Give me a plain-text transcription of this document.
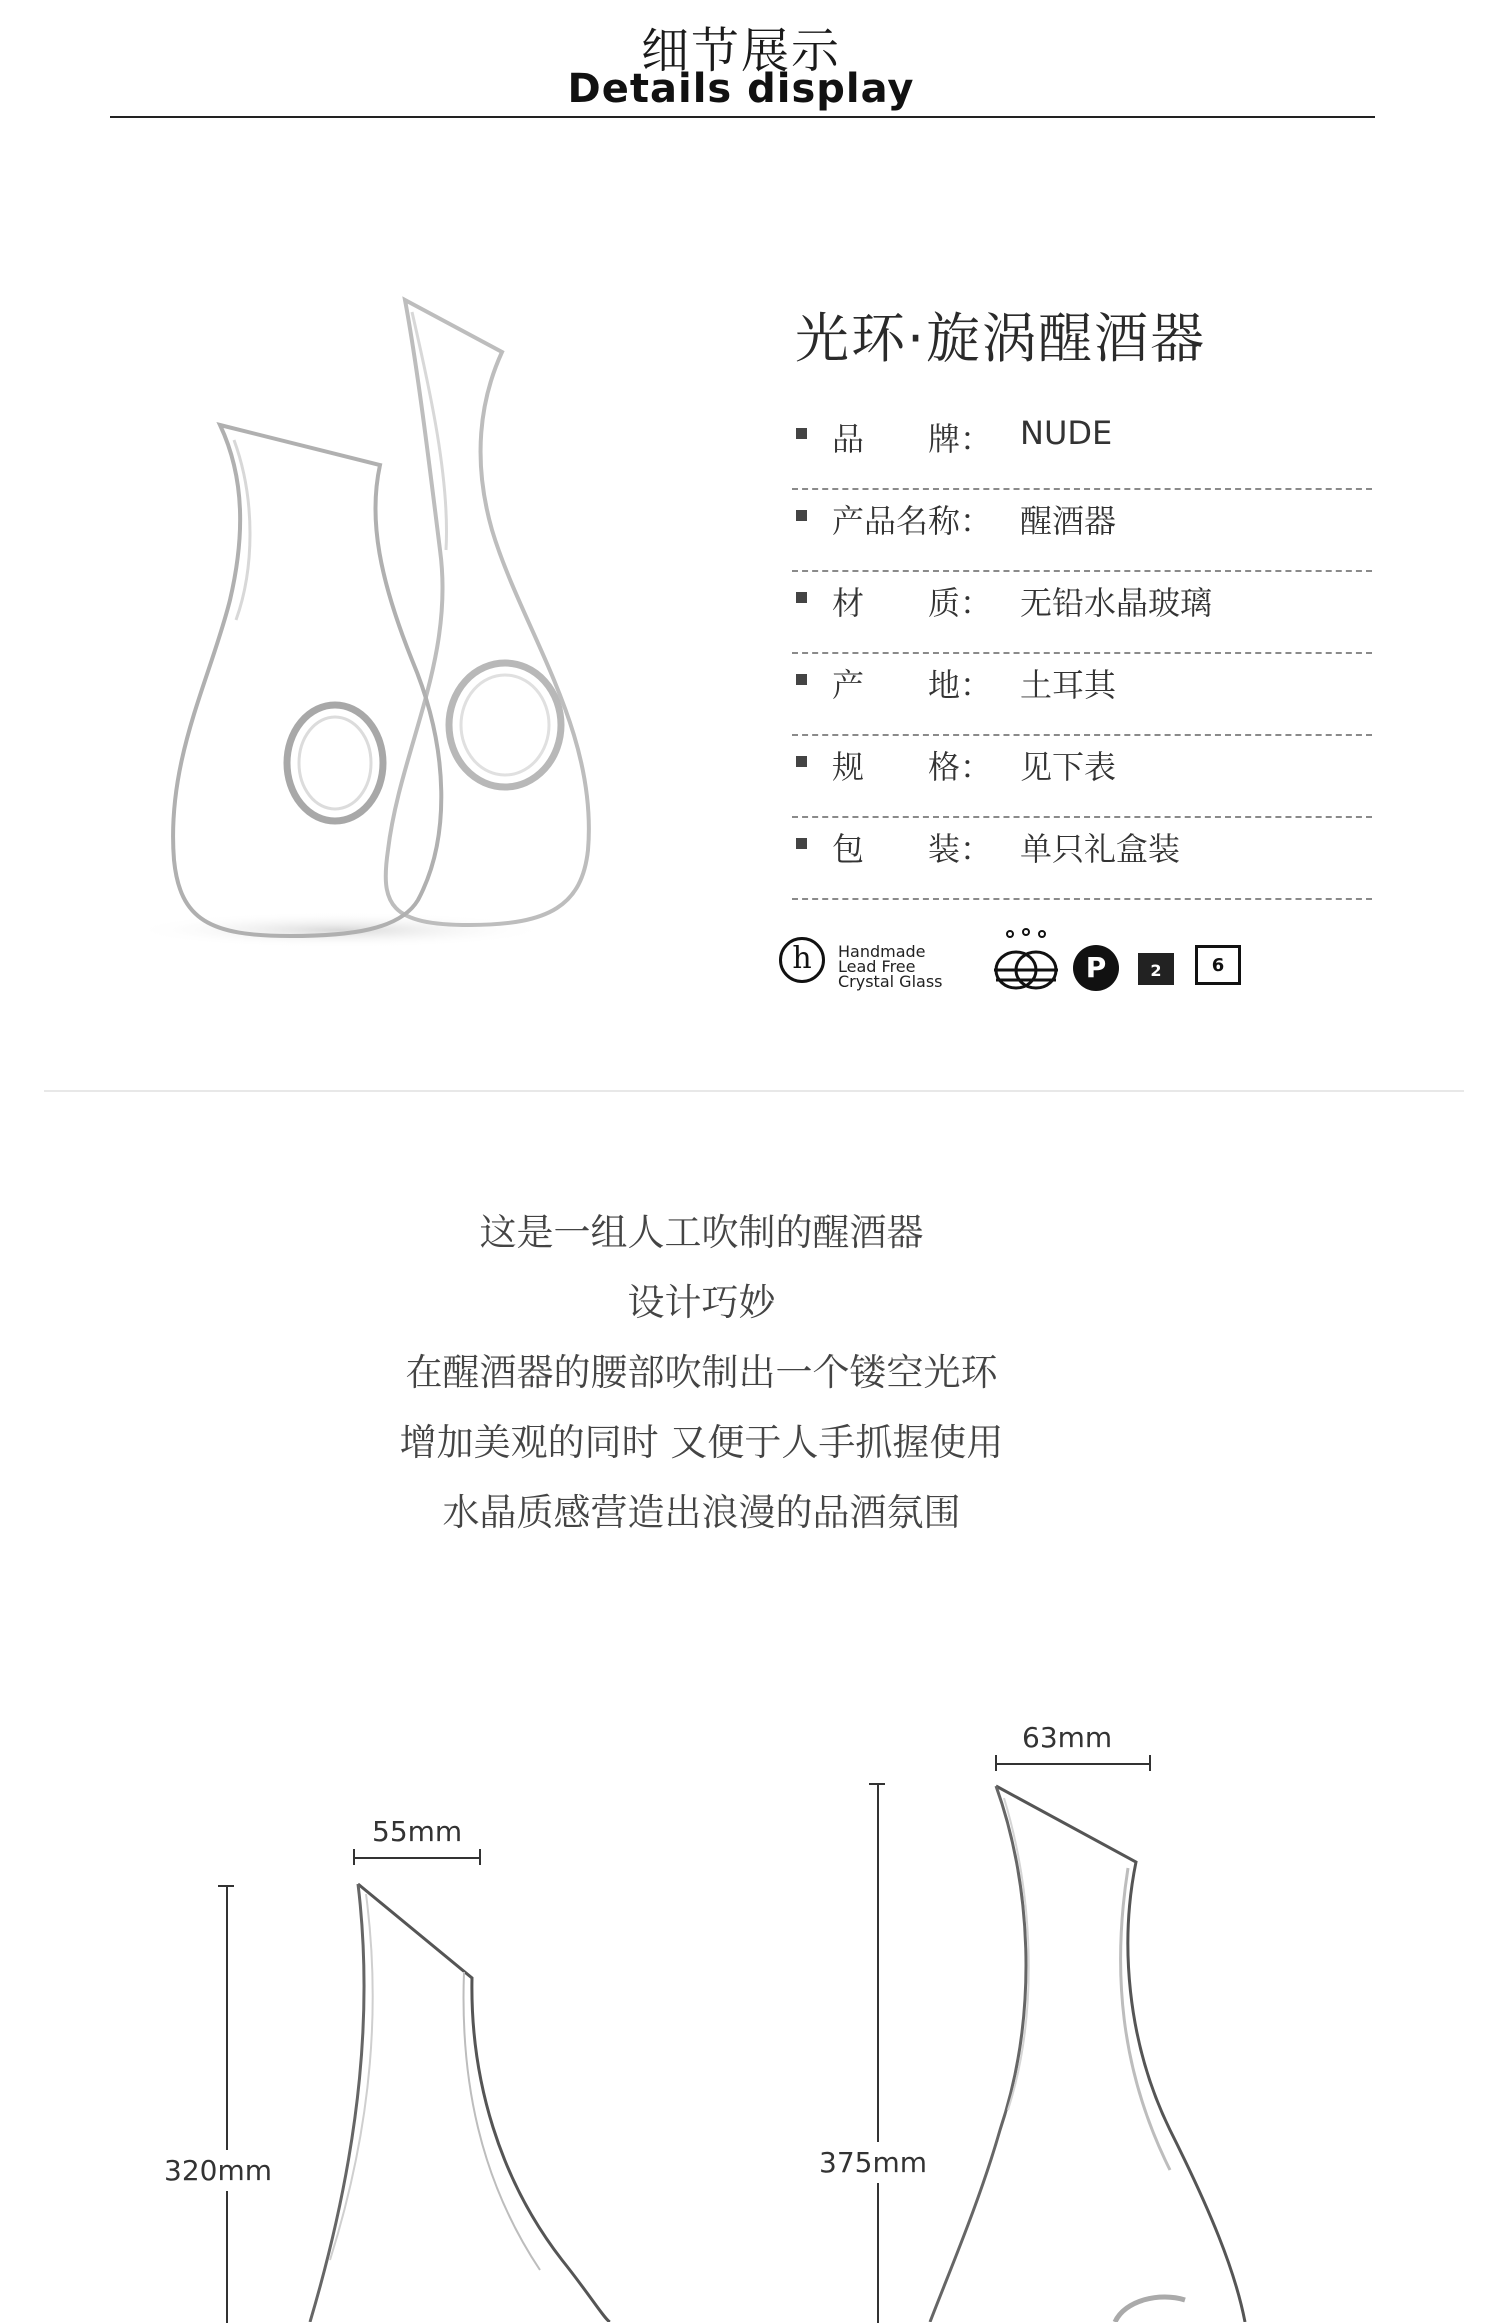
细节展示
Details display
光环·旋涡醒酒器
品　　牌： NUDE
产品名称： 醒酒器
材　　质： 无铅水晶玻璃
产　　地： 土耳其
规　　格： 见下表
包　　装： 单只礼盒装
h	Handmade
Lead Free
Crystal Glass	P	2	6

这是一组人工吹制的醒酒器

设计巧妙

在醒酒器的腰部吹制出一个镂空光环

增加美观的同时 又便于人手抓握使用

水晶质感营造出浪漫的品酒氛围

55mm
320mm
63mm
375mm
